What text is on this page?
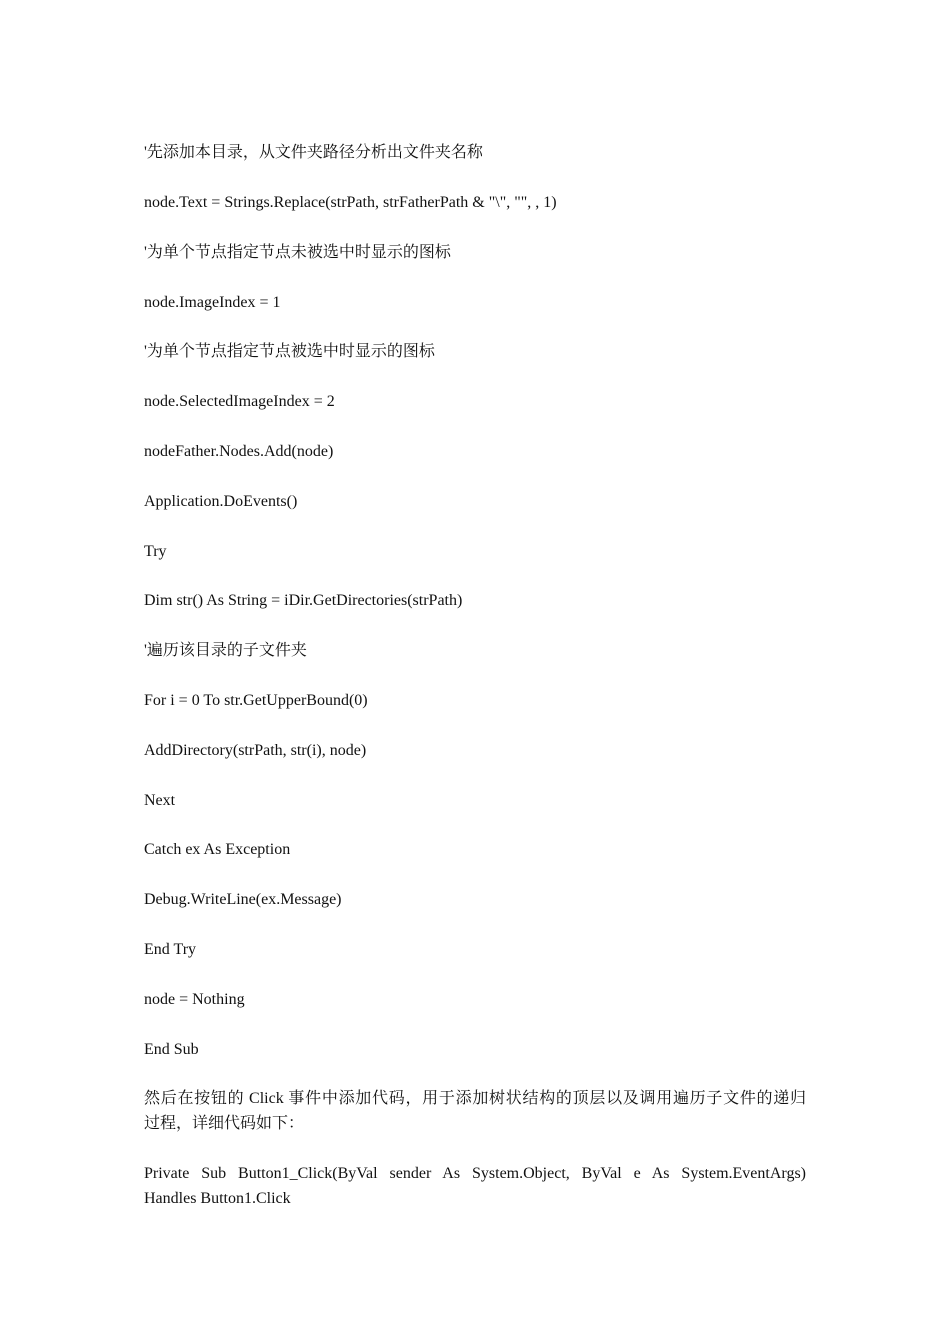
'先添加本目录，从文件夹路径分析出文件夹名称

node.Text = Strings.Replace(strPath, strFatherPath & "\", "", , 1)

'为单个节点指定节点未被选中时显示的图标

node.ImageIndex = 1

'为单个节点指定节点被选中时显示的图标

node.SelectedImageIndex = 2

nodeFather.Nodes.Add(node)

Application.DoEvents()

Try

Dim str() As String = iDir.GetDirectories(strPath)

'遍历该目录的子文件夹

For i = 0 To str.GetUpperBound(0)

AddDirectory(strPath, str(i), node)

Next

Catch ex As Exception

Debug.WriteLine(ex.Message)

End Try

node = Nothing

End Sub

然后在按钮的 Click 事件中添加代码，用于添加树状结构的顶层以及调用遍历子文件的递归
过程，详细代码如下：
Private Sub Button1_Click(ByVal sender As System.Object, ByVal e As System.EventArgs)
Handles Button1.Click
